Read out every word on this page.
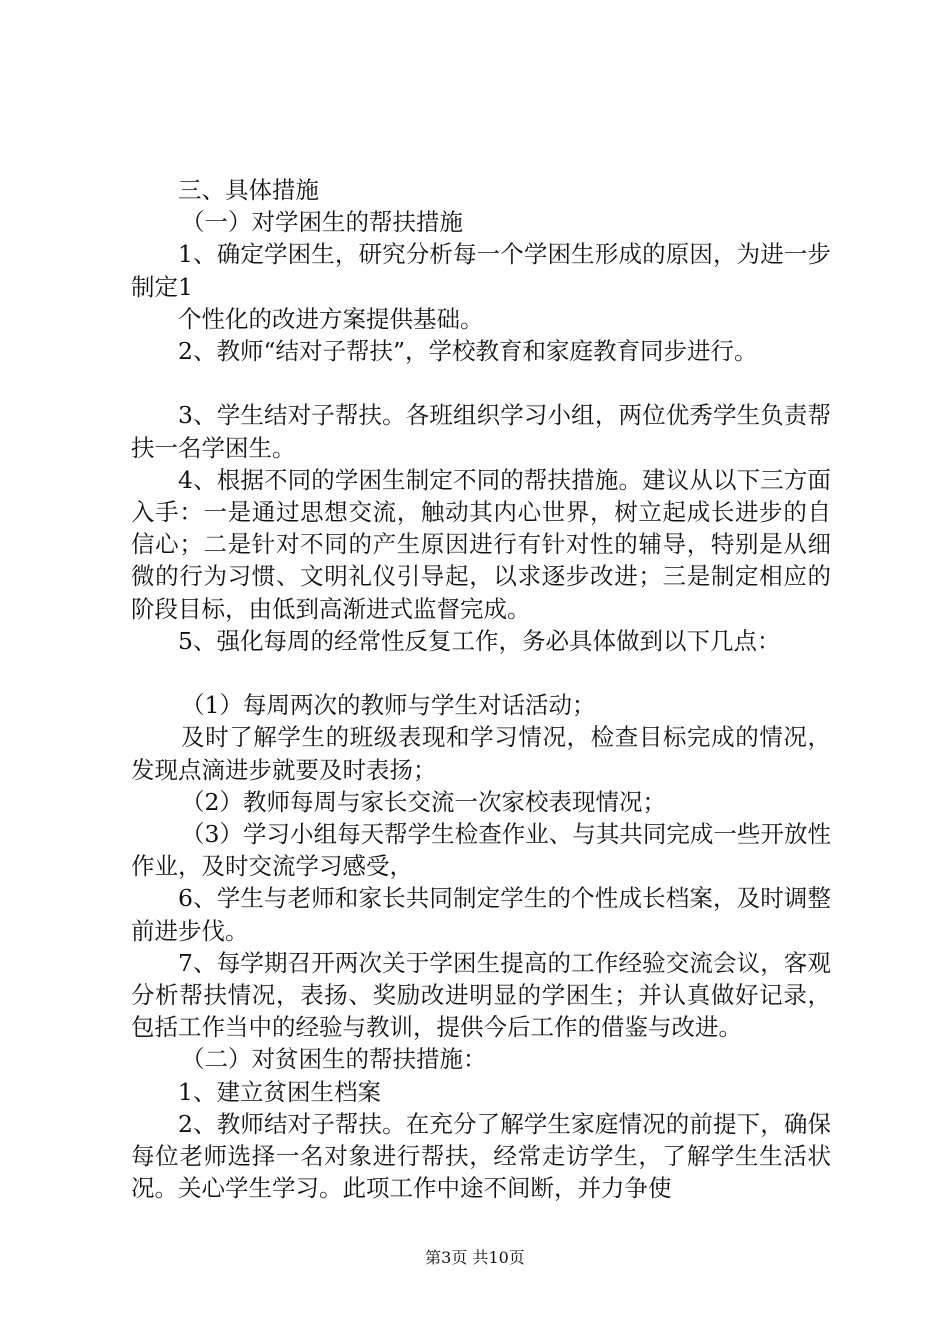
三、具体措施

（一）对学困生的帮扶措施

1、确定学困生，研究分析每一个学困生形成的原因，为进一步制定1

个性化的改进方案提供基础。

2、教师“结对子帮扶”，学校教育和家庭教育同步进行。

3、学生结对子帮扶。各班组织学习小组，两位优秀学生负责帮扶一名学困生。

4、根据不同的学困生制定不同的帮扶措施。建议从以下三方面入手：一是通过思想交流，触动其内心世界，树立起成长进步的自信心；二是针对不同的产生原因进行有针对性的辅导，特别是从细微的行为习惯、文明礼仪引导起，以求逐步改进；三是制定相应的阶段目标，由低到高渐进式监督完成。

5、强化每周的经常性反复工作，务必具体做到以下几点：

（1）每周两次的教师与学生对话活动；

及时了解学生的班级表现和学习情况，检查目标完成的情况，发现点滴进步就要及时表扬；

（2）教师每周与家长交流一次家校表现情况；

（3）学习小组每天帮学生检查作业、与其共同完成一些开放性作业，及时交流学习感受，

6、学生与老师和家长共同制定学生的个性成长档案，及时调整前进步伐。

7、每学期召开两次关于学困生提高的工作经验交流会议，客观分析帮扶情况，表扬、奖励改进明显的学困生；并认真做好记录，包括工作当中的经验与教训，提供今后工作的借鉴与改进。

（二）对贫困生的帮扶措施：

1、建立贫困生档案

2、教师结对子帮扶。在充分了解学生家庭情况的前提下，确保每位老师选择一名对象进行帮扶，经常走访学生，了解学生生活状况。关心学生学习。此项工作中途不间断，并力争使

第3页 共10页
